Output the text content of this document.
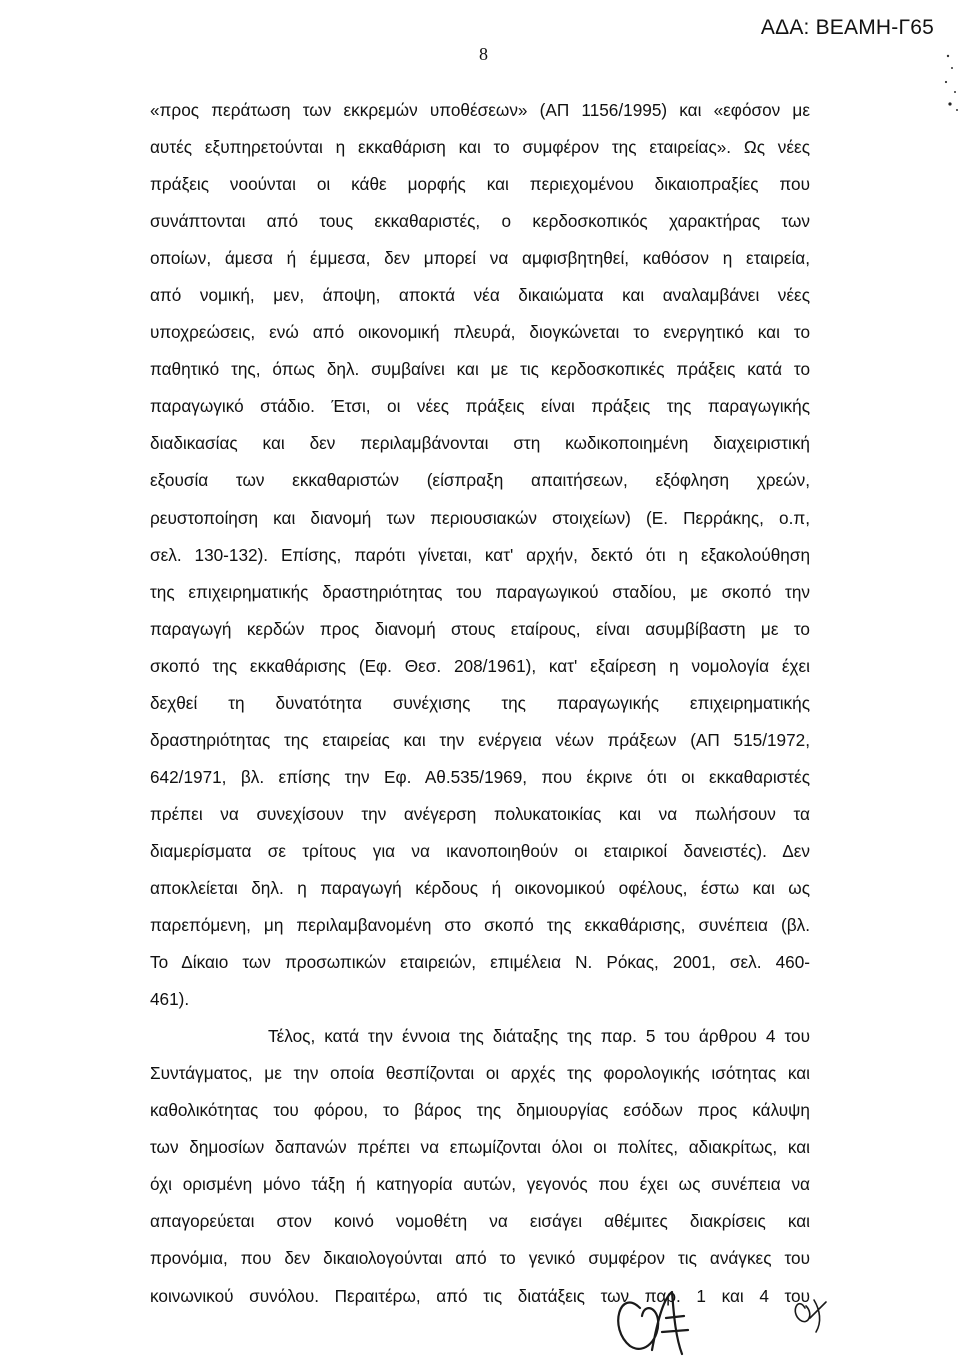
ΑΔΑ: ΒΕΑΜΗ-Γ65
8
«προς περάτωση των εκκρεμών υποθέσεων» (ΑΠ 1156/1995) και «εφόσον με
αυτές εξυπηρετούνται η εκκαθάριση και το συμφέρον της εταιρείας». Ως νέες
πράξεις νοούνται οι κάθε μορφής και περιεχομένου δικαιοπραξίες που
συνάπτονται από τους εκκαθαριστές, ο κερδοσκοπικός χαρακτήρας των
οποίων, άμεσα ή έμμεσα, δεν μπορεί να αμφισβητηθεί, καθόσον η εταιρεία,
από νομική, μεν, άποψη, αποκτά νέα δικαιώματα και αναλαμβάνει νέες
υποχρεώσεις, ενώ από οικονομική πλευρά, διογκώνεται το ενεργητικό και το
παθητικό της, όπως δηλ. συμβαίνει και με τις κερδοσκοπικές πράξεις κατά το
παραγωγικό στάδιο. Έτσι, οι νέες πράξεις είναι πράξεις της παραγωγικής
διαδικασίας και δεν περιλαμβάνονται στη κωδικοποιημένη διαχειριστική
εξουσία των εκκαθαριστών (είσπραξη απαιτήσεων, εξόφληση χρεών,
ρευστοποίηση και διανομή των περιουσιακών στοιχείων) (Ε. Περράκης, ο.π,
σελ. 130-132). Επίσης, παρότι γίνεται, κατ' αρχήν, δεκτό ότι η εξακολούθηση
της επιχειρηματικής δραστηριότητας του παραγωγικού σταδίου, με σκοπό την
παραγωγή κερδών προς διανομή στους εταίρους, είναι ασυμβίβαστη με το
σκοπό της εκκαθάρισης (Εφ. Θεσ. 208/1961), κατ' εξαίρεση η νομολογία έχει
δεχθεί τη δυνατότητα συνέχισης της παραγωγικής επιχειρηματικής
δραστηριότητας της εταιρείας και την ενέργεια νέων πράξεων (ΑΠ 515/1972,
642/1971, βλ. επίσης την Εφ. Αθ.535/1969, που έκρινε ότι οι εκκαθαριστές
πρέπει να συνεχίσουν την ανέγερση πολυκατοικίας και να πωλήσουν τα
διαμερίσματα σε τρίτους για να ικανοποιηθούν οι εταιρικοί δανειστές). Δεν
αποκλείεται δηλ. η παραγωγή κέρδους ή οικονομικού οφέλους, έστω και ως
παρεπόμενη, μη περιλαμβανομένη στο σκοπό της εκκαθάρισης, συνέπεια (βλ.
Το Δίκαιο των προσωπικών εταιρειών, επιμέλεια Ν. Ρόκας, 2001, σελ. 460-
461).
Τέλος, κατά την έννοια της διάταξης της παρ. 5 του άρθρου 4 του
Συντάγματος, με την οποία θεσπίζονται οι αρχές της φορολογικής ισότητας και
καθολικότητας του φόρου, το βάρος της δημιουργίας εσόδων προς κάλυψη
των δημοσίων δαπανών πρέπει να επωμίζονται όλοι οι πολίτες, αδιακρίτως, και
όχι ορισμένη μόνο τάξη ή κατηγορία αυτών, γεγονός που έχει ως συνέπεια να
απαγορεύεται στον κοινό νομοθέτη να εισάγει αθέμιτες διακρίσεις και
προνόμια, που δεν δικαιολογούνται από το γενικό συμφέρον τις ανάγκες του
κοινωνικού συνόλου. Περαιτέρω, από τις διατάξεις των παρ. 1 και 4 του
